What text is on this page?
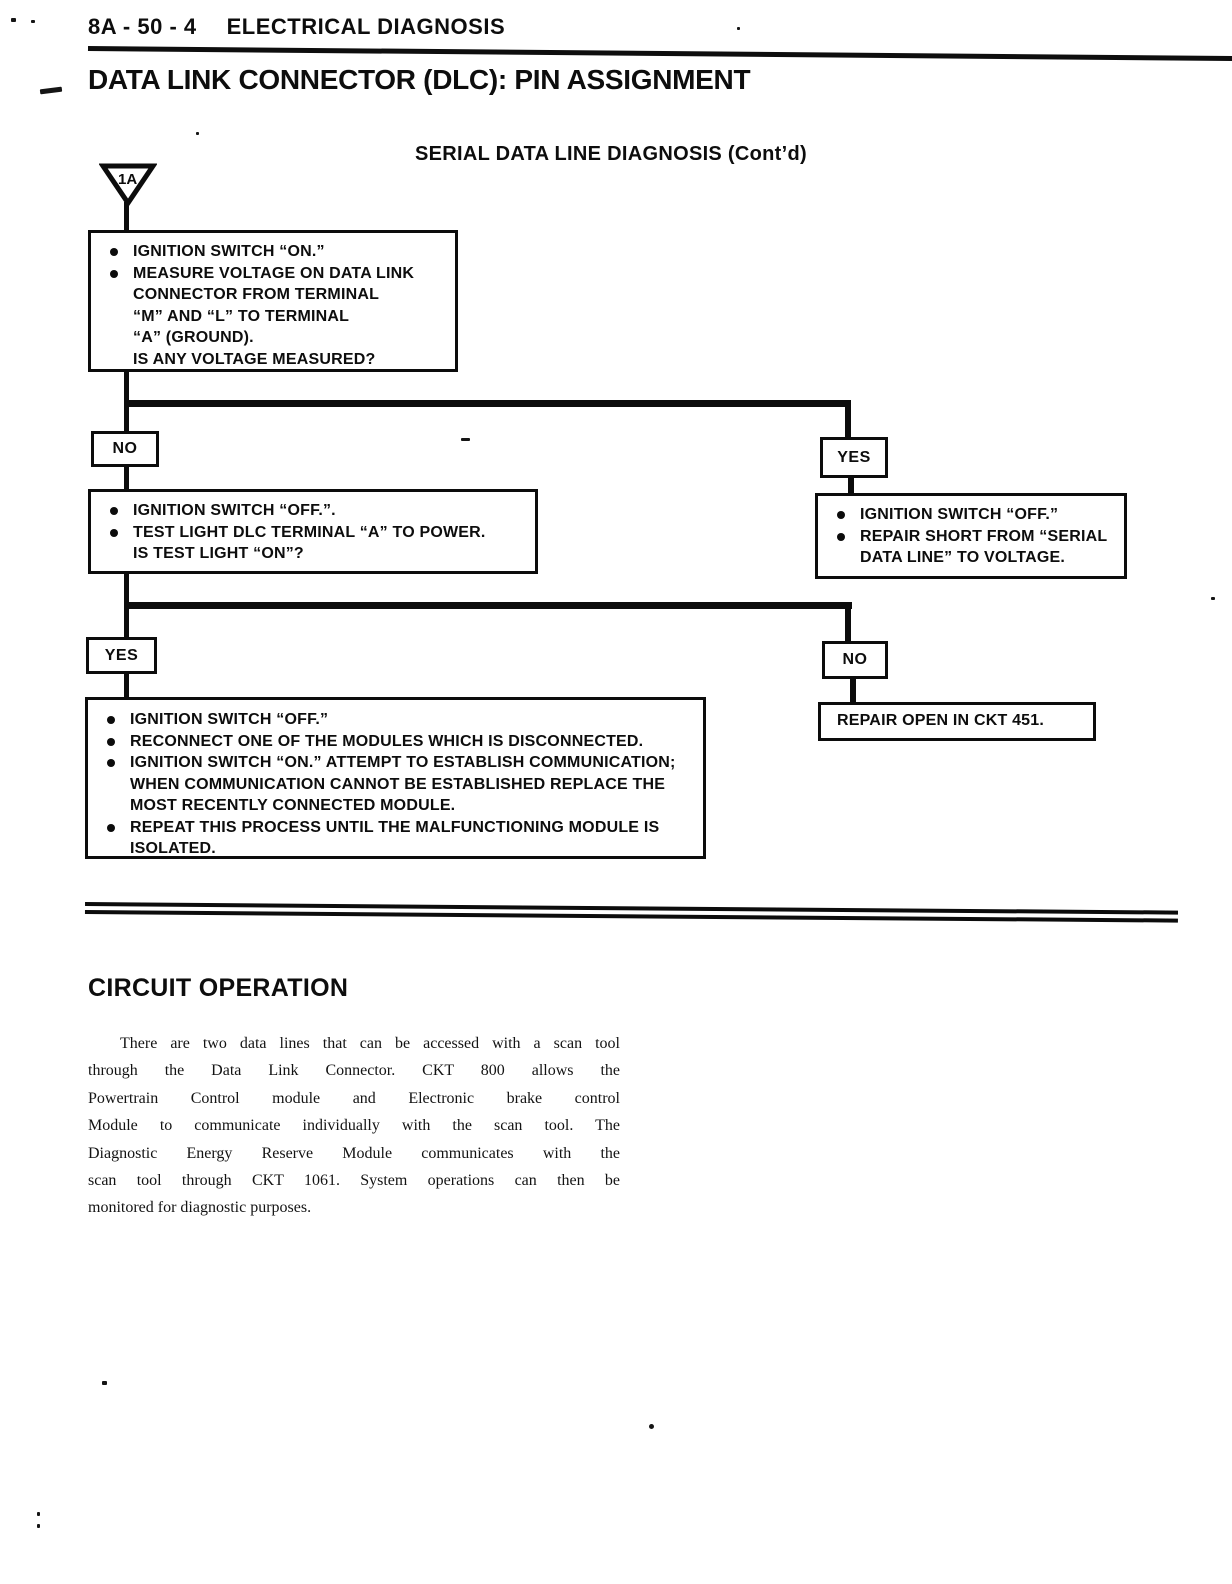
8A - 50 - 4 ELECTRICAL DIAGNOSIS
DATA LINK CONNECTOR (DLC): PIN ASSIGNMENT
SERIAL DATA LINE DIAGNOSIS (Cont’d)
1A
IGNITION SWITCH “ON.”
MEASURE VOLTAGE ON DATA LINK
CONNECTOR FROM TERMINAL
“M” AND “L” TO TERMINAL
“A” (GROUND).
IS ANY VOLTAGE MEASURED?
NO	YES
IGNITION SWITCH “OFF.”.
TEST LIGHT DLC TERMINAL “A” TO POWER.
IS TEST LIGHT “ON”?
IGNITION SWITCH “OFF.”
REPAIR SHORT FROM “SERIAL
DATA LINE” TO VOLTAGE.
YES	NO
IGNITION SWITCH “OFF.”
RECONNECT ONE OF THE MODULES WHICH IS DISCONNECTED.
IGNITION SWITCH “ON.” ATTEMPT TO ESTABLISH COMMUNICATION;
WHEN COMMUNICATION CANNOT BE ESTABLISHED REPLACE THE
MOST RECENTLY CONNECTED MODULE.
REPEAT THIS PROCESS UNTIL THE MALFUNCTIONING MODULE IS
ISOLATED.
REPAIR OPEN IN CKT 451.
CIRCUIT OPERATION
There are two data lines that can be accessed with a scan tool
through the Data Link Connector. CKT 800 allows the
Powertrain Control module and Electronic brake control
Module to communicate individually with the scan tool. The
Diagnostic Energy Reserve Module communicates with the
scan tool through CKT 1061. System operations can then be
monitored for diagnostic purposes.
